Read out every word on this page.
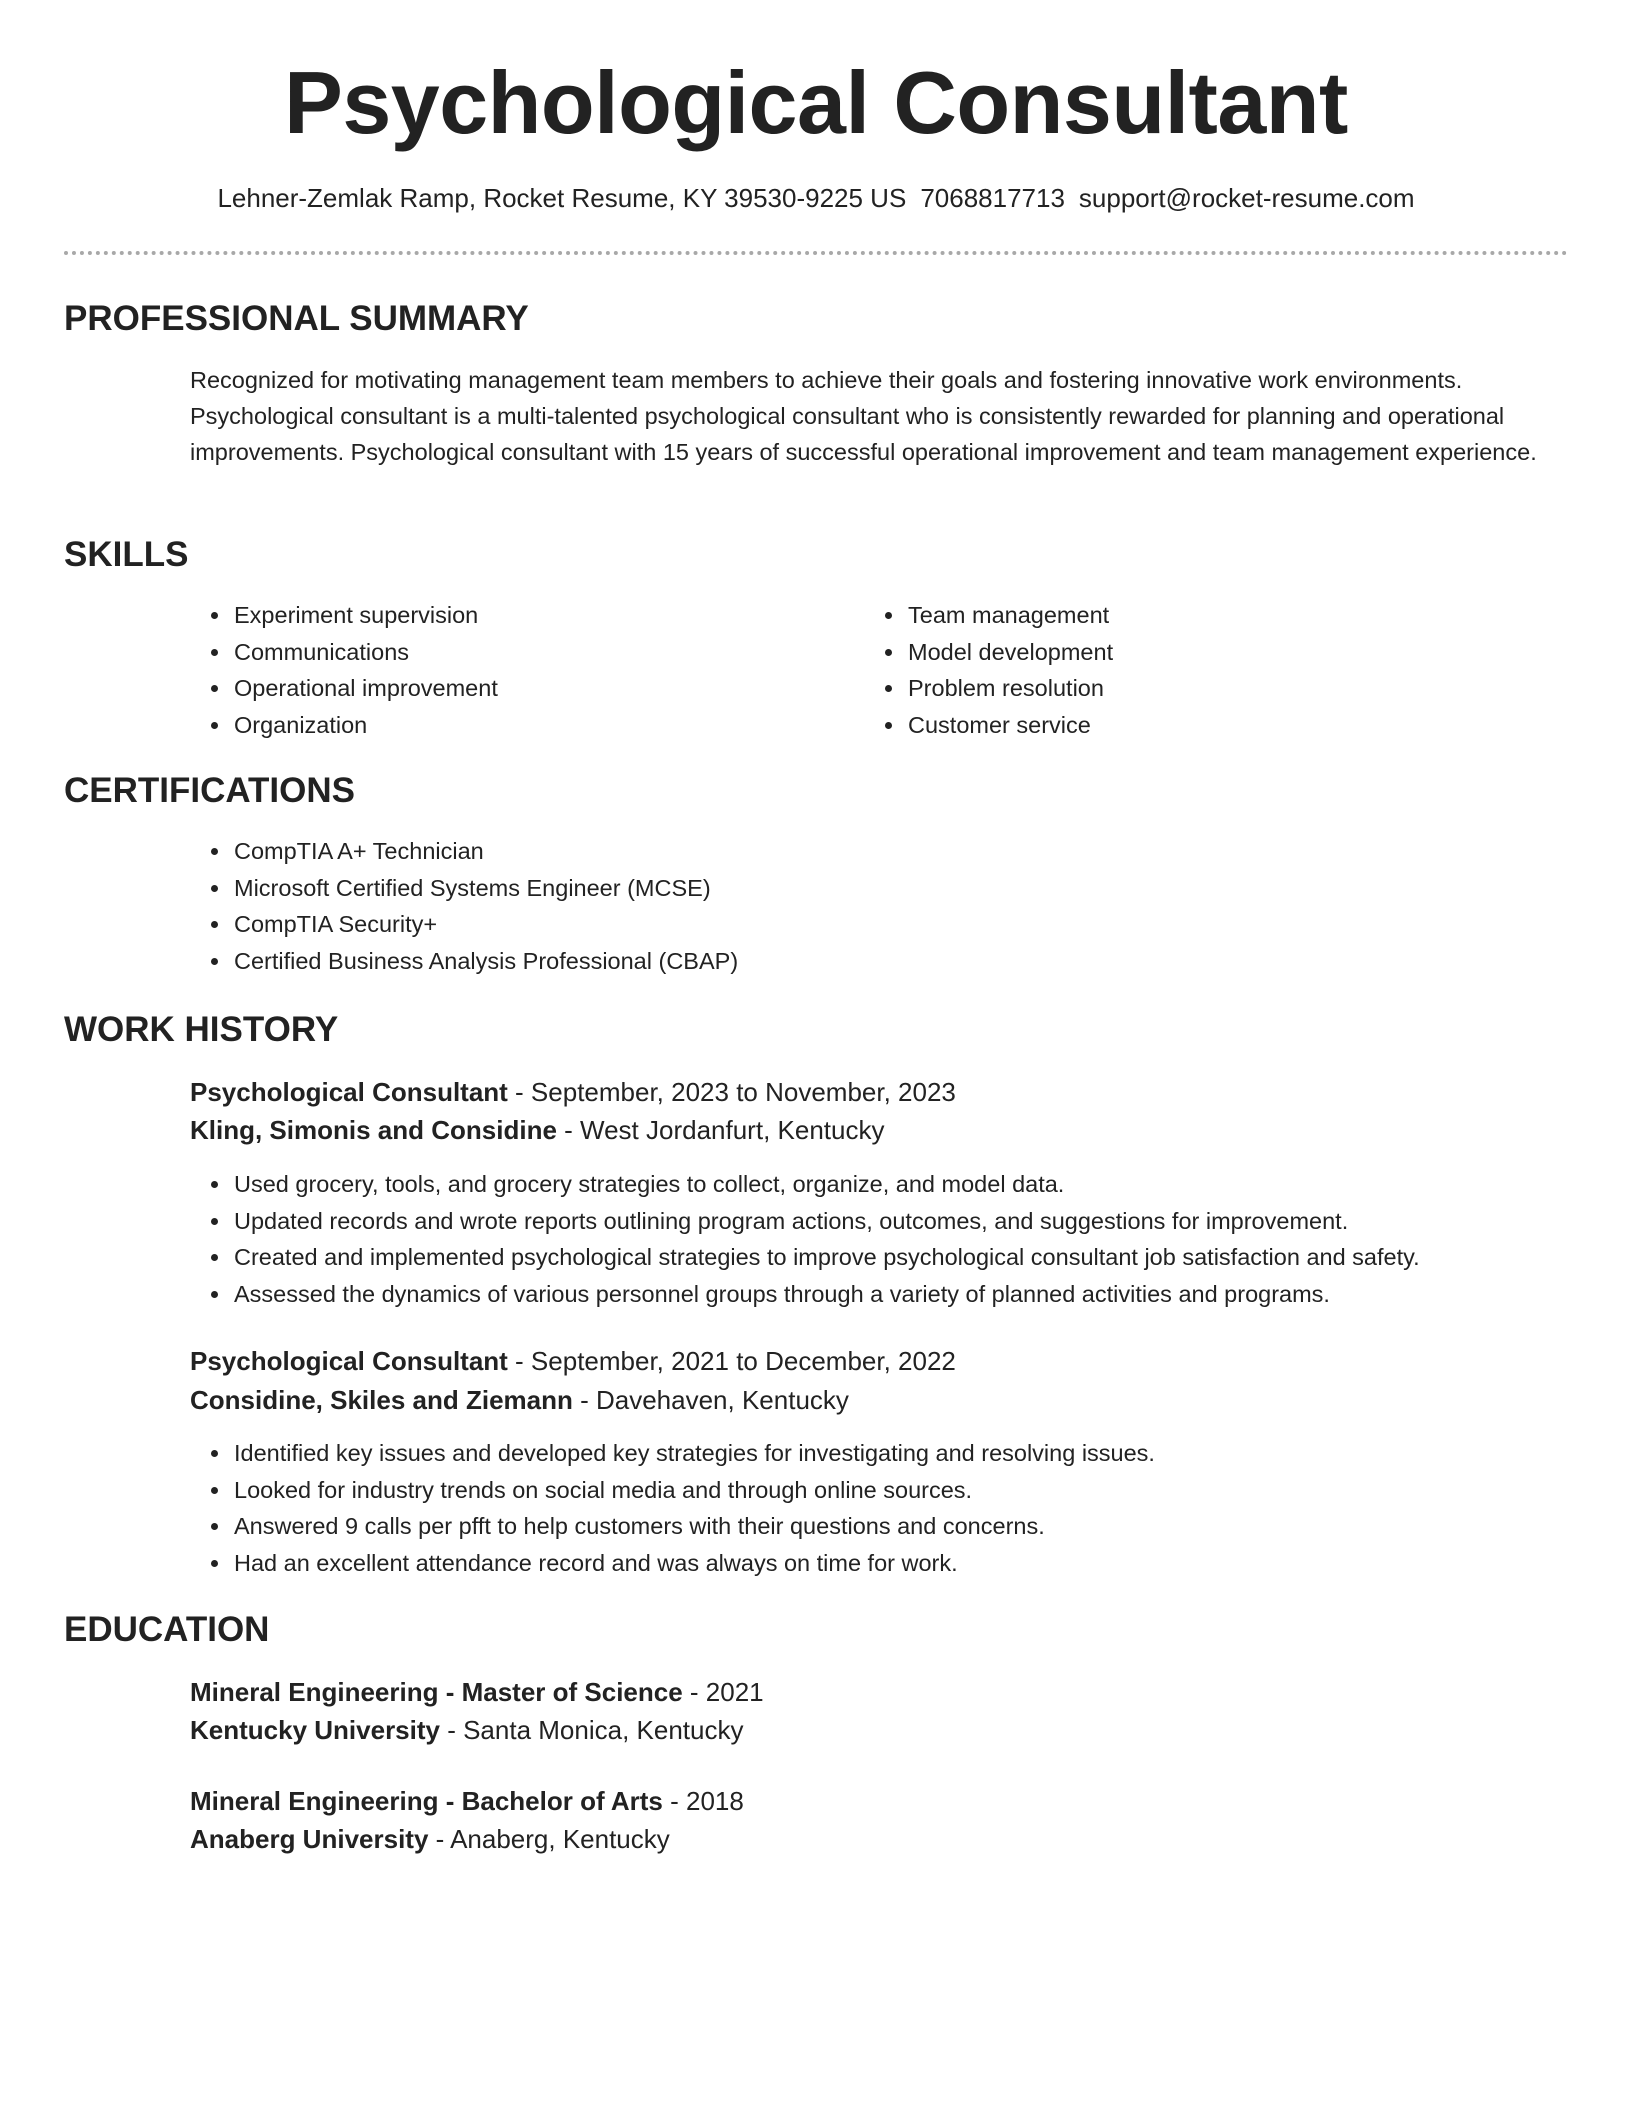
Psychological Consultant
Lehner-Zemlak Ramp, Rocket Resume, KY 39530-9225 US 7068817713 support@rocket-resume.com
PROFESSIONAL SUMMARY

Recognized for motivating management team members to achieve their goals and fostering innovative work environments. Psychological consultant is a multi-talented psychological consultant who is consistently rewarded for planning and operational improvements. Psychological consultant with 15 years of successful operational improvement and team management experience.

SKILLS
• Experiment supervision
• Communications
• Operational improvement
• Organization
• Team management
• Model development
• Problem resolution
• Customer service
CERTIFICATIONS
• CompTIA A+ Technician
• Microsoft Certified Systems Engineer (MCSE)
• CompTIA Security+
• Certified Business Analysis Professional (CBAP)
WORK HISTORY

Psychological Consultant - September, 2023 to November, 2023

Kling, Simonis and Considine - West Jordanfurt, Kentucky

• Used grocery, tools, and grocery strategies to collect, organize, and model data.
• Updated records and wrote reports outlining program actions, outcomes, and suggestions for improvement.
• Created and implemented psychological strategies to improve psychological consultant job satisfaction and safety.
• Assessed the dynamics of various personnel groups through a variety of planned activities and programs.

Psychological Consultant - September, 2021 to December, 2022

Considine, Skiles and Ziemann - Davehaven, Kentucky

• Identified key issues and developed key strategies for investigating and resolving issues.
• Looked for industry trends on social media and through online sources.
• Answered 9 calls per pfft to help customers with their questions and concerns.
• Had an excellent attendance record and was always on time for work.
EDUCATION

Mineral Engineering - Master of Science - 2021

Kentucky University - Santa Monica, Kentucky

Mineral Engineering - Bachelor of Arts - 2018

Anaberg University - Anaberg, Kentucky
